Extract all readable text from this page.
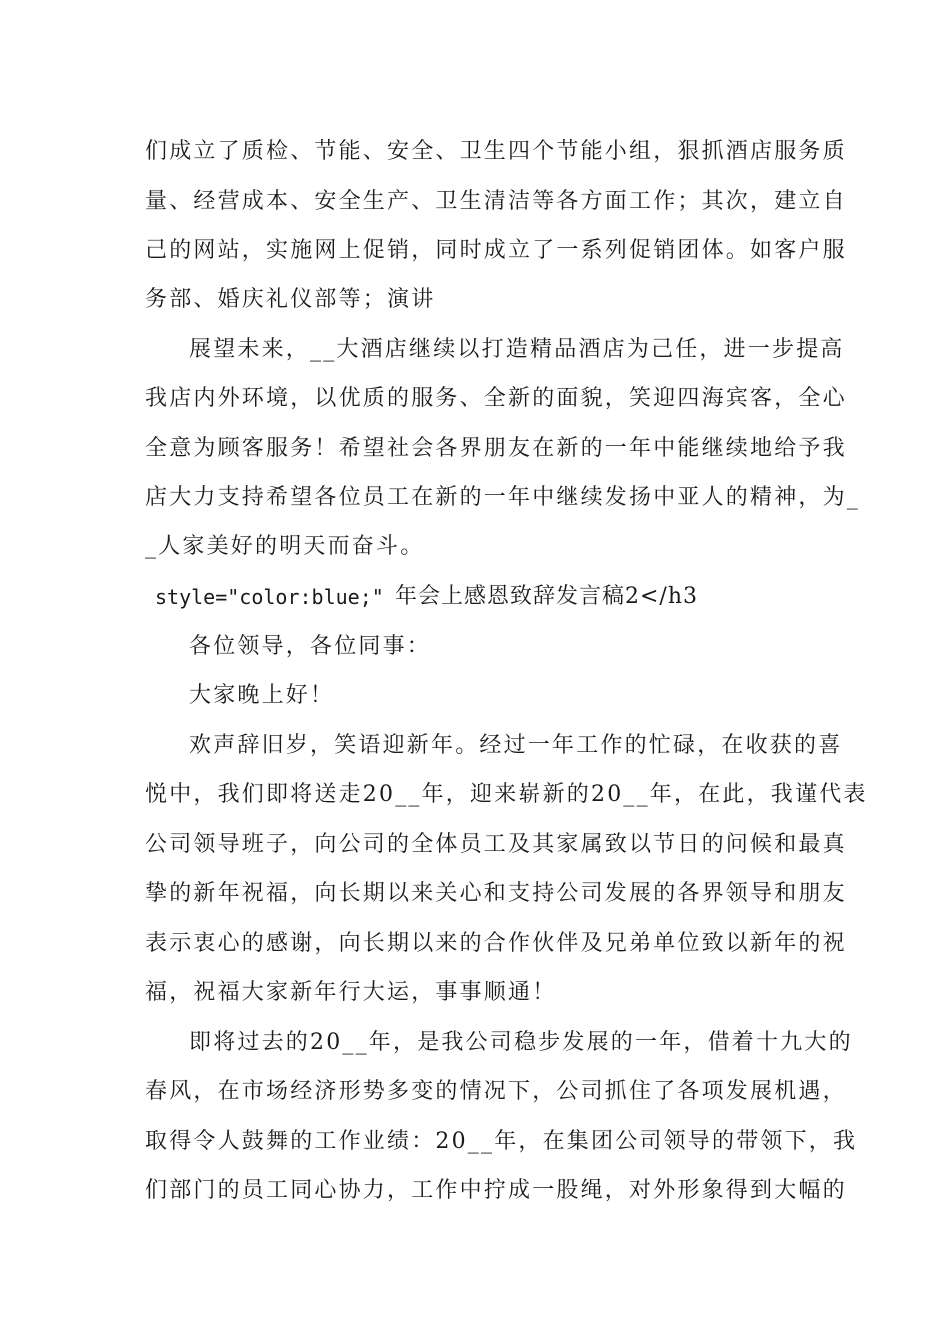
们成立了质检、节能、安全、卫生四个节能小组，狠抓酒店服务质
量、经营成本、安全生产、卫生清洁等各方面工作；其次，建立自
己的网站，实施网上促销，同时成立了一系列促销团体。如客户服
务部、婚庆礼仪部等；演讲
展望未来，__大酒店继续以打造精品酒店为己任，进一步提高
我店内外环境，以优质的服务、全新的面貌，笑迎四海宾客，全心
全意为顾客服务！希望社会各界朋友在新的一年中能继续地给予我
店大力支持希望各位员工在新的一年中继续发扬中亚人的精神，为_
_人家美好的明天而奋斗。
style="color:blue;" 年会上感恩致辞发言稿2</h3
各位领导，各位同事：
大家晚上好！
欢声辞旧岁，笑语迎新年。经过一年工作的忙碌，在收获的喜
悦中，我们即将送走20__年，迎来崭新的20__年，在此，我谨代表
公司领导班子，向公司的全体员工及其家属致以节日的问候和最真
挚的新年祝福，向长期以来关心和支持公司发展的各界领导和朋友
表示衷心的感谢，向长期以来的合作伙伴及兄弟单位致以新年的祝
福，祝福大家新年行大运，事事顺通！
即将过去的20__年，是我公司稳步发展的一年，借着十九大的
春风，在市场经济形势多变的情况下，公司抓住了各项发展机遇，
取得令人鼓舞的工作业绩：20__年，在集团公司领导的带领下，我
们部门的员工同心协力，工作中拧成一股绳，对外形象得到大幅的
